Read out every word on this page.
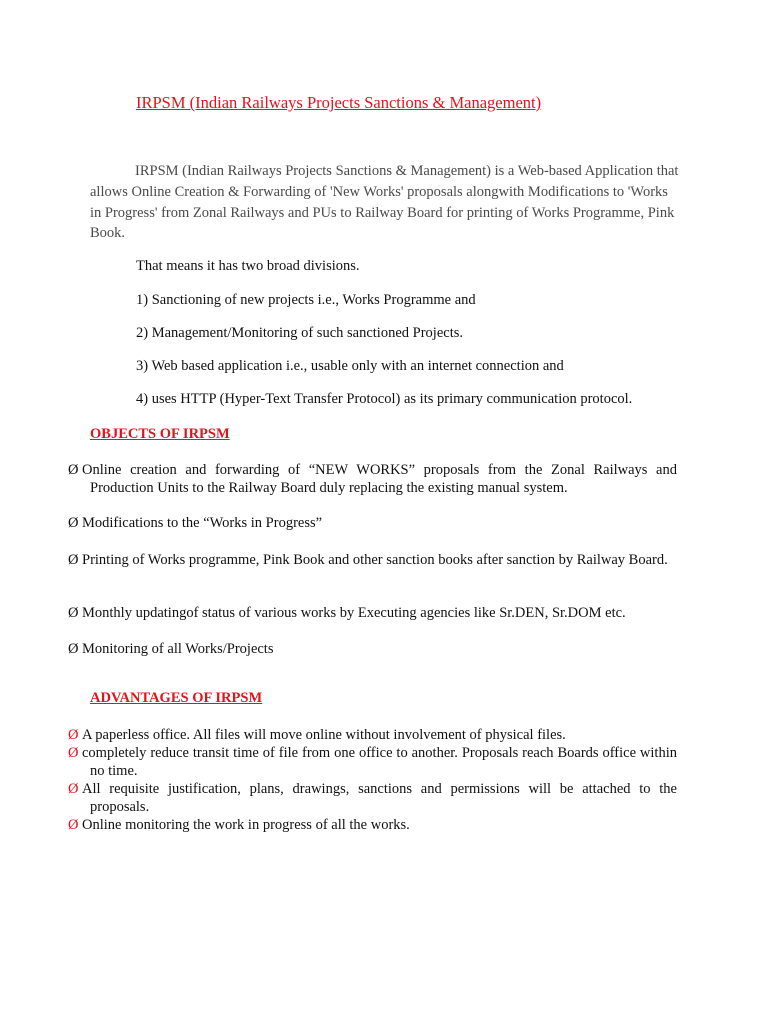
IRPSM (Indian Railways Projects Sanctions & Management)
IRPSM (Indian Railways Projects Sanctions & Management) is a Web-based Application that allows Online Creation & Forwarding of 'New Works' proposals alongwith Modifications to 'Works in Progress' from Zonal Railways and PUs to Railway Board for printing of Works Programme, Pink Book.
That means it has two broad divisions.
1) Sanctioning of new projects i.e., Works Programme and
2) Management/Monitoring of such sanctioned Projects.
3) Web based application i.e., usable only with an internet connection and
4) uses HTTP (Hyper-Text Transfer Protocol) as its primary communication protocol.
OBJECTS OF IRPSM
Ø Online creation and forwarding of “NEW WORKS” proposals from the Zonal Railways and Production Units to the Railway Board duly replacing the existing manual system.
Ø Modifications to the “Works in Progress”
Ø Printing of Works programme, Pink Book and other sanction books after sanction by Railway Board.
Ø Monthly updatingof status of various works by Executing agencies like Sr.DEN, Sr.DOM etc.
Ø Monitoring of all Works/Projects
ADVANTAGES OF IRPSM
Ø A paperless office. All files will move online without involvement of physical files.
Ø completely reduce transit time of file from one office to another. Proposals reach Boards office within no time.
Ø All requisite justification, plans, drawings, sanctions and permissions will be attached to the proposals.
Ø Online monitoring the work in progress of all the works.
